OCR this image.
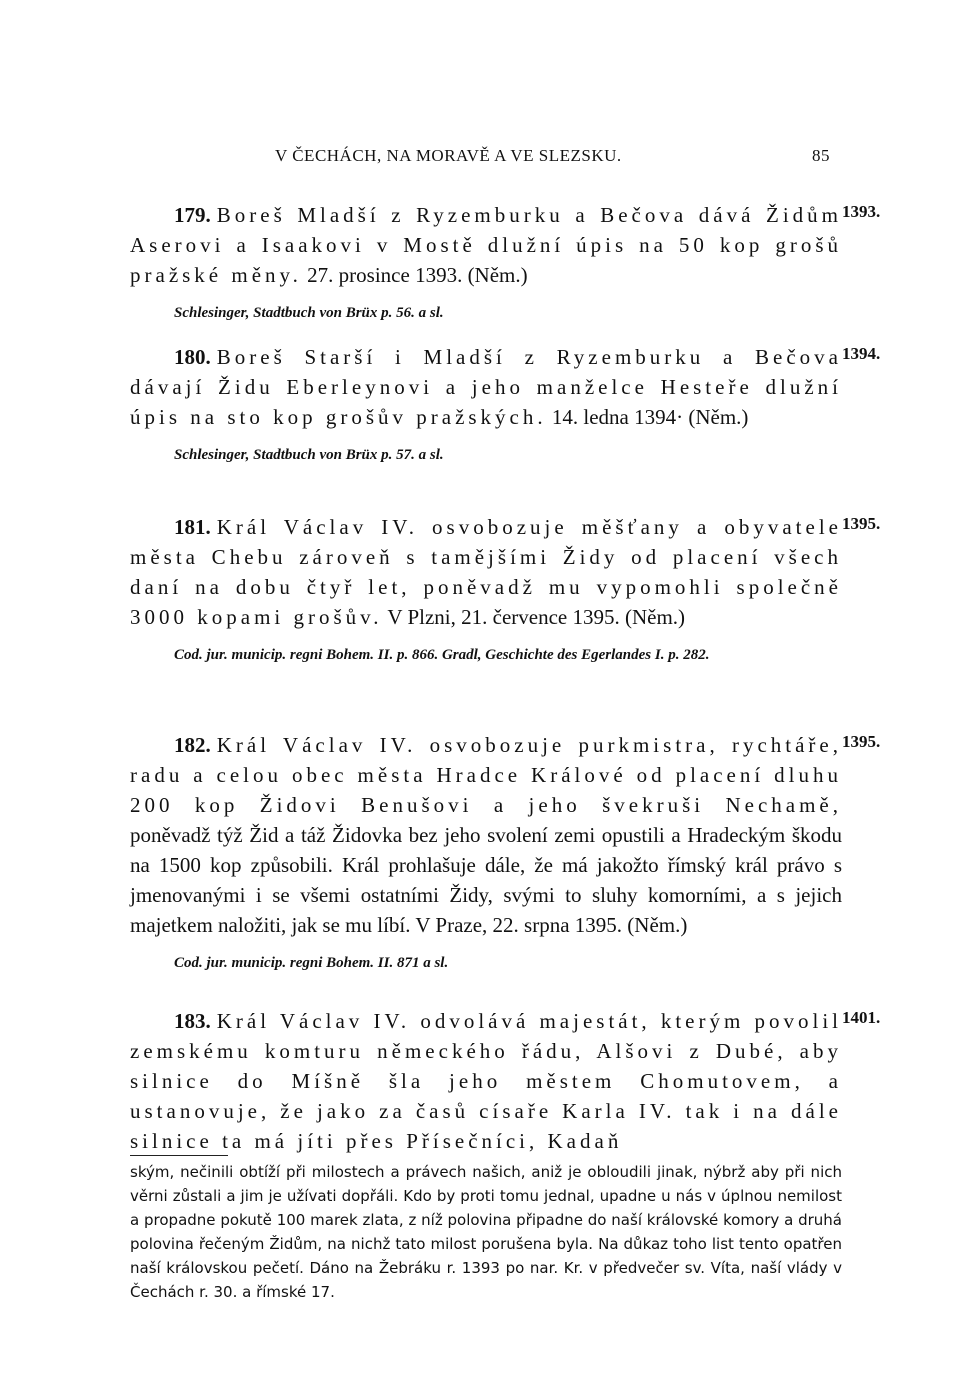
V ČECHÁCH, NA MORAVĚ A VE SLEZSKU.	85

179. Boreš Mladší z Ryzemburku a Bečova dává Židům Aserovi a Isaakovi v Mostě dlužní úpis na 50 kop grošů pražské měny. 27. prosince 1393. (Něm.)

1393.

Schlesinger, Stadtbuch von Brüx p. 56. a sl.

180. Boreš Starší i Mladší z Ryzemburku a Bečova dávají Židu Eberleynovi a jeho manželce Hesteře dlužní úpis na sto kop grošův pražských. 14. ledna 1394· (Něm.)

1394.

Schlesinger, Stadtbuch von Brüx p. 57. a sl.

181. Král Václav IV. osvobozuje měšťany a obyvatele města Chebu zároveň s tamějšími Židy od placení všech daní na dobu čtyř let, poněvadž mu vypomohli společně 3000 kopami grošův. V Plzni, 21. července 1395. (Něm.)

1395.

Cod. jur. municip. regni Bohem. II. p. 866. Gradl, Geschichte des Egerlandes I. p. 282.

182. Král Václav IV. osvobozuje purkmistra, rychtáře, radu a celou obec města Hradce Králové od placení dluhu 200 kop Židovi Benušovi a jeho švekruši Nechamě, poněvadž týž Žid a táž Židovka bez jeho svolení zemi opustili a Hradeckým škodu na 1500 kop způsobili. Král prohlašuje dále, že má jakožto římský král právo s jmenovanými i se všemi ostatními Židy, svými to sluhy komorními, a s jejich majetkem naložiti, jak se mu líbí. V Praze, 22. srpna 1395. (Něm.)

1395.

Cod. jur. municip. regni Bohem. II. 871 a sl.

183. Král Václav IV. odvolává majestát, kterým povolil zemskému komturu německého řádu, Alšovi z Dubé, aby silnice do Míšně šla jeho městem Chomutovem, a ustanovuje, že jako za časů císaře Karla IV. tak i na dále silnice ta má jíti přes Přísečníci, Kadaň

1401.

ským, nečinili obtíží při milostech a právech našich, aniž je obloudili jinak, nýbrž aby při nich věrni zůstali a jim je užívati dopřáli. Kdo by proti tomu jednal, upadne u nás v úplnou nemilost a propadne pokutě 100 marek zlata, z níž polovina připadne do naší královské komory a druhá polovina řečeným Židům, na nichž tato milost porušena byla. Na důkaz toho list tento opatřen naší královskou pečetí. Dáno na Žebráku r. 1393 po nar. Kr. v předvečer sv. Víta, naší vlády v Čechách r. 30. a římské 17.
